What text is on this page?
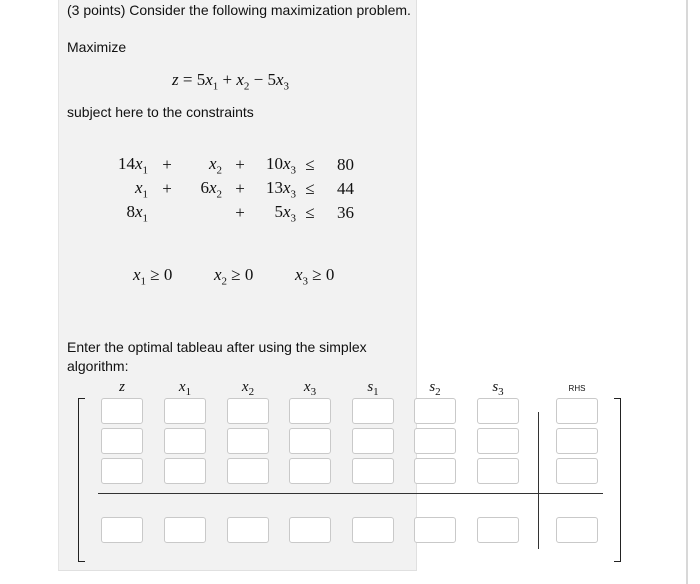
(3 points) Consider the following maximization problem.
Maximize
$z = 5x_1 + x_2 - 5x_3$
subject here to the constraints
$14x_1$	+	$x_2$	+	$10x_3$	≤	80
$x_1$	+	$6x_2$	+	$13x_3$	≤	44
$8x_1$			+	$5x_3$	≤	36
$x_1 \ge 0$ $x_2 \ge 0$ $x_3 \ge 0$
Enter the optimal tableau after using the simplex
algorithm:
z	$x_1$	$x_2$	$x_3$	$s_1$	$s_2$	$s_3$	RHS
